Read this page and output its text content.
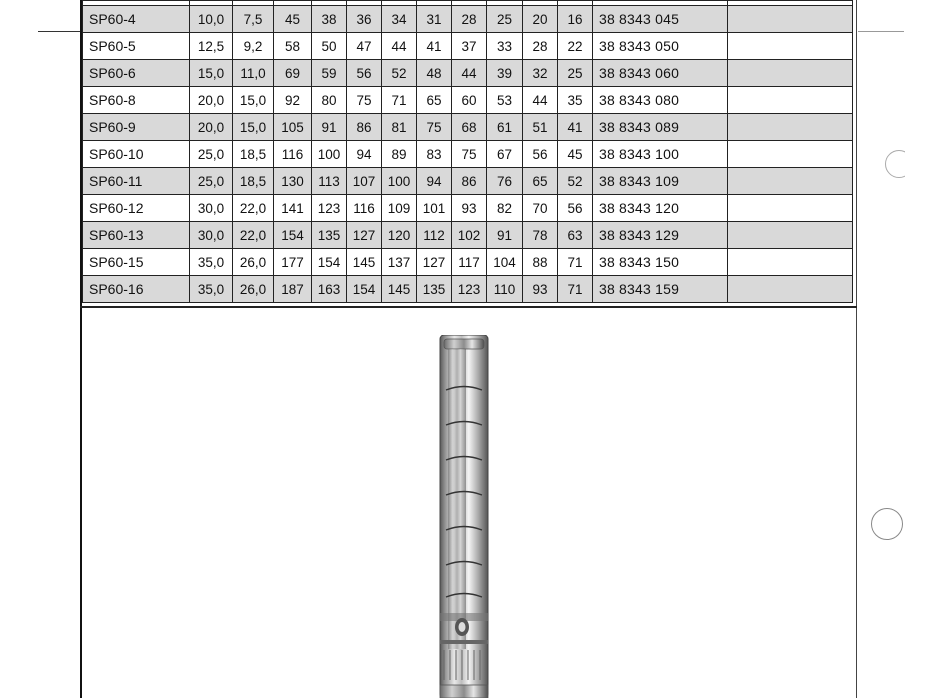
SP60-4	10,0	7,5	45	38	36	34	31	28	25	20	16	38 8343 045	
SP60-5	12,5	9,2	58	50	47	44	41	37	33	28	22	38 8343 050	
SP60-6	15,0	11,0	69	59	56	52	48	44	39	32	25	38 8343 060	
SP60-8	20,0	15,0	92	80	75	71	65	60	53	44	35	38 8343 080	
SP60-9	20,0	15,0	105	91	86	81	75	68	61	51	41	38 8343 089	
SP60-10	25,0	18,5	116	100	94	89	83	75	67	56	45	38 8343 100	
SP60-11	25,0	18,5	130	113	107	100	94	86	76	65	52	38 8343 109	
SP60-12	30,0	22,0	141	123	116	109	101	93	82	70	56	38 8343 120	
SP60-13	30,0	22,0	154	135	127	120	112	102	91	78	63	38 8343 129	
SP60-15	35,0	26,0	177	154	145	137	127	117	104	88	71	38 8343 150	
SP60-16	35,0	26,0	187	163	154	145	135	123	110	93	71	38 8343 159	
